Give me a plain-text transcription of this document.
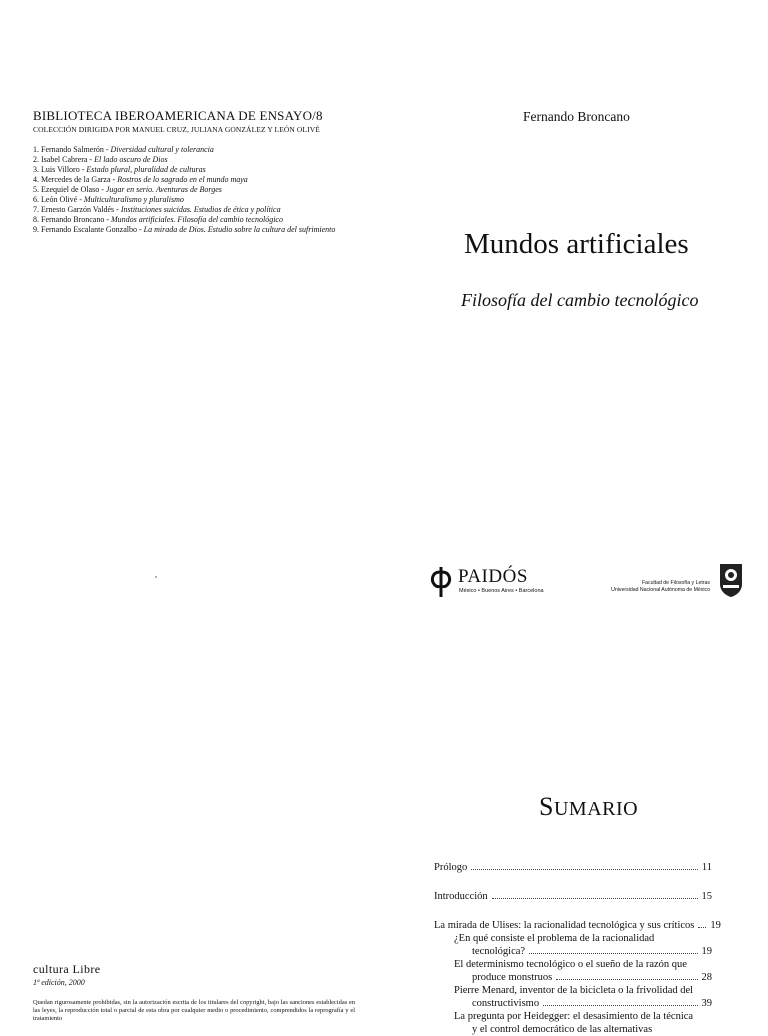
BIBLIOTECA IBEROAMERICANA DE ENSAYO/8
COLECCIÓN DIRIGIDA POR MANUEL CRUZ, JULIANA GONZÁLEZ Y LEÓN OLIVÉ
1. Fernando Salmerón - Diversidad cultural y tolerancia
2. Isabel Cabrera - El lado oscuro de Dios
3. Luis Villoro - Estado plural, pluralidad de culturas
4. Mercedes de la Garza - Rostros de lo sagrado en el mundo maya
5. Ezequiel de Olaso - Jugar en serio. Aventuras de Borges
6. León Olivé - Multiculturalismo y pluralismo
7. Ernesto Garzón Valdés - Instituciones suicidas. Estudios de ética y política
8. Fernando Broncano - Mundos artificiales. Filosofía del cambio tecnológico
9. Fernando Escalante Gonzalbo - La mirada de Dios. Estudio sobre la cultura del sufrimiento
cultura Libre
1ª edición, 2000
Quedan rigurosamente prohibidas, sin la autorización escrita de los titulares del copyright, bajo las sanciones establecidas en las leyes, la reproducción total o parcial de esta obra por cualquier medio o procedimiento, comprendidos la reprografía y el tratamiento
Fernando Broncano
Mundos artificiales
Filosofía del cambio tecnológico
PAIDÓS
México • Buenos Aires • Barcelona
Facultad de Filosofía y Letras
Universidad Nacional Autónoma de México
SUMARIO
Prólogo	11
Introducción	15
La mirada de Ulises: la racionalidad tecnológica y sus críticos 19
¿En qué consiste el problema de la racionalidad
tecnológica?	19
El determinismo tecnológico o el sueño de la razón que
produce monstruos	28
Pierre Menard, inventor de la bicicleta o la frivolidad del
constructivismo	39
La pregunta por Heidegger: el desasimiento de la técnica
y el control democrático de las alternativas
